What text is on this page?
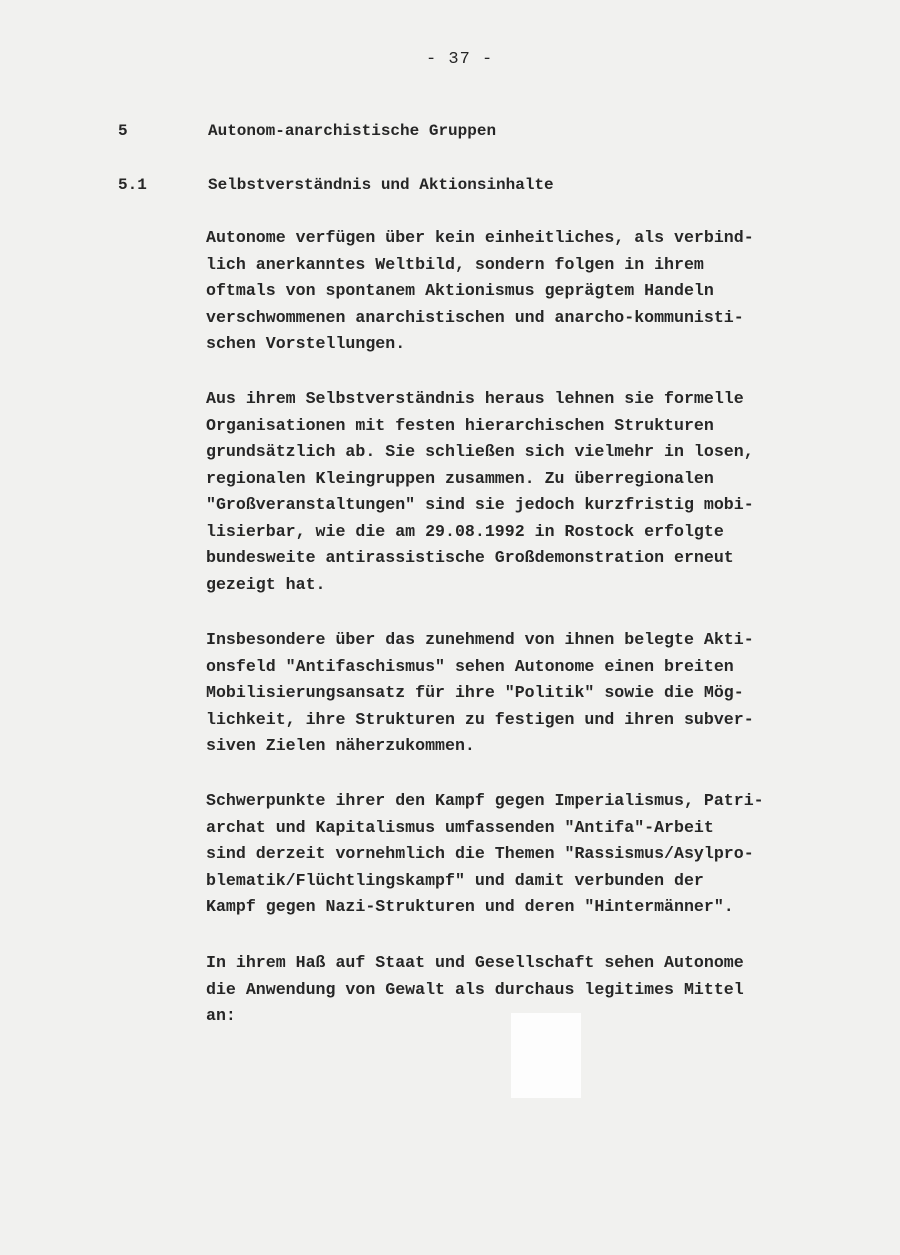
- 37 -
5	Autonom-anarchistische Gruppen
5.1	Selbstverständnis und Aktionsinhalte

Autonome verfügen über kein einheitliches, als verbind-
lich anerkanntes Weltbild, sondern folgen in ihrem
oftmals von spontanem Aktionismus geprägtem Handeln
verschwommenen anarchistischen und anarcho-kommunisti-
schen Vorstellungen.

Aus ihrem Selbstverständnis heraus lehnen sie formelle
Organisationen mit festen hierarchischen Strukturen
grundsätzlich ab. Sie schließen sich vielmehr in losen,
regionalen Kleingruppen zusammen. Zu überregionalen
"Großveranstaltungen" sind sie jedoch kurzfristig mobi-
lisierbar, wie die am 29.08.1992 in Rostock erfolgte
bundesweite antirassistische Großdemonstration erneut
gezeigt hat.

Insbesondere über das zunehmend von ihnen belegte Akti-
onsfeld "Antifaschismus" sehen Autonome einen breiten
Mobilisierungsansatz für ihre "Politik" sowie die Mög-
lichkeit, ihre Strukturen zu festigen und ihren subver-
siven Zielen näherzukommen.

Schwerpunkte ihrer den Kampf gegen Imperialismus, Patri-
archat und Kapitalismus umfassenden "Antifa"-Arbeit
sind derzeit vornehmlich die Themen "Rassismus/Asylpro-
blematik/Flüchtlingskampf" und damit verbunden der
Kampf gegen Nazi-Strukturen und deren "Hintermänner".

In ihrem Haß auf Staat und Gesellschaft sehen Autonome
die Anwendung von Gewalt als durchaus legitimes Mittel
an:
